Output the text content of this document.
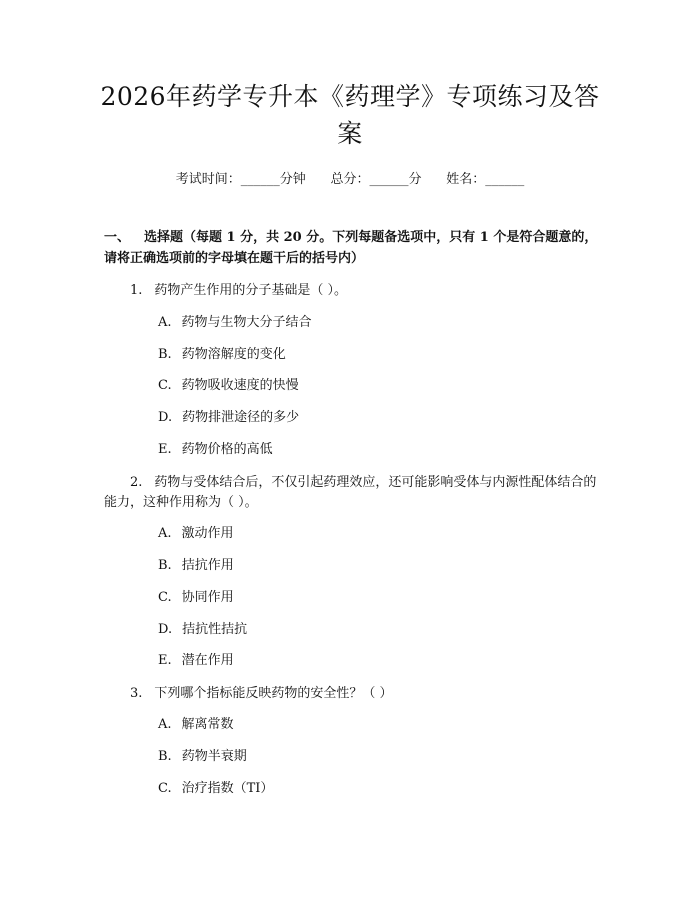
2026年药学专升本《药理学》专项练习及答案
考试时间：______分钟      总分：______分      姓名：______
一、 选择题（每题 1 分，共 20 分。下列每题备选项中，只有 1 个是符合题意的，请将正确选项前的字母填在题干后的括号内）
1. 药物产生作用的分子基础是（ ）。
A. 药物与生物大分子结合
B. 药物溶解度的变化
C. 药物吸收速度的快慢
D. 药物排泄途径的多少
E. 药物价格的高低
2. 药物与受体结合后，不仅引起药理效应，还可能影响受体与内源性配体结合的能力，这种作用称为（ ）。
A. 激动作用
B. 拮抗作用
C. 协同作用
D. 拮抗性拮抗
E. 潜在作用
3. 下列哪个指标能反映药物的安全性？（ ）
A. 解离常数
B. 药物半衰期
C. 治疗指数（TI）
